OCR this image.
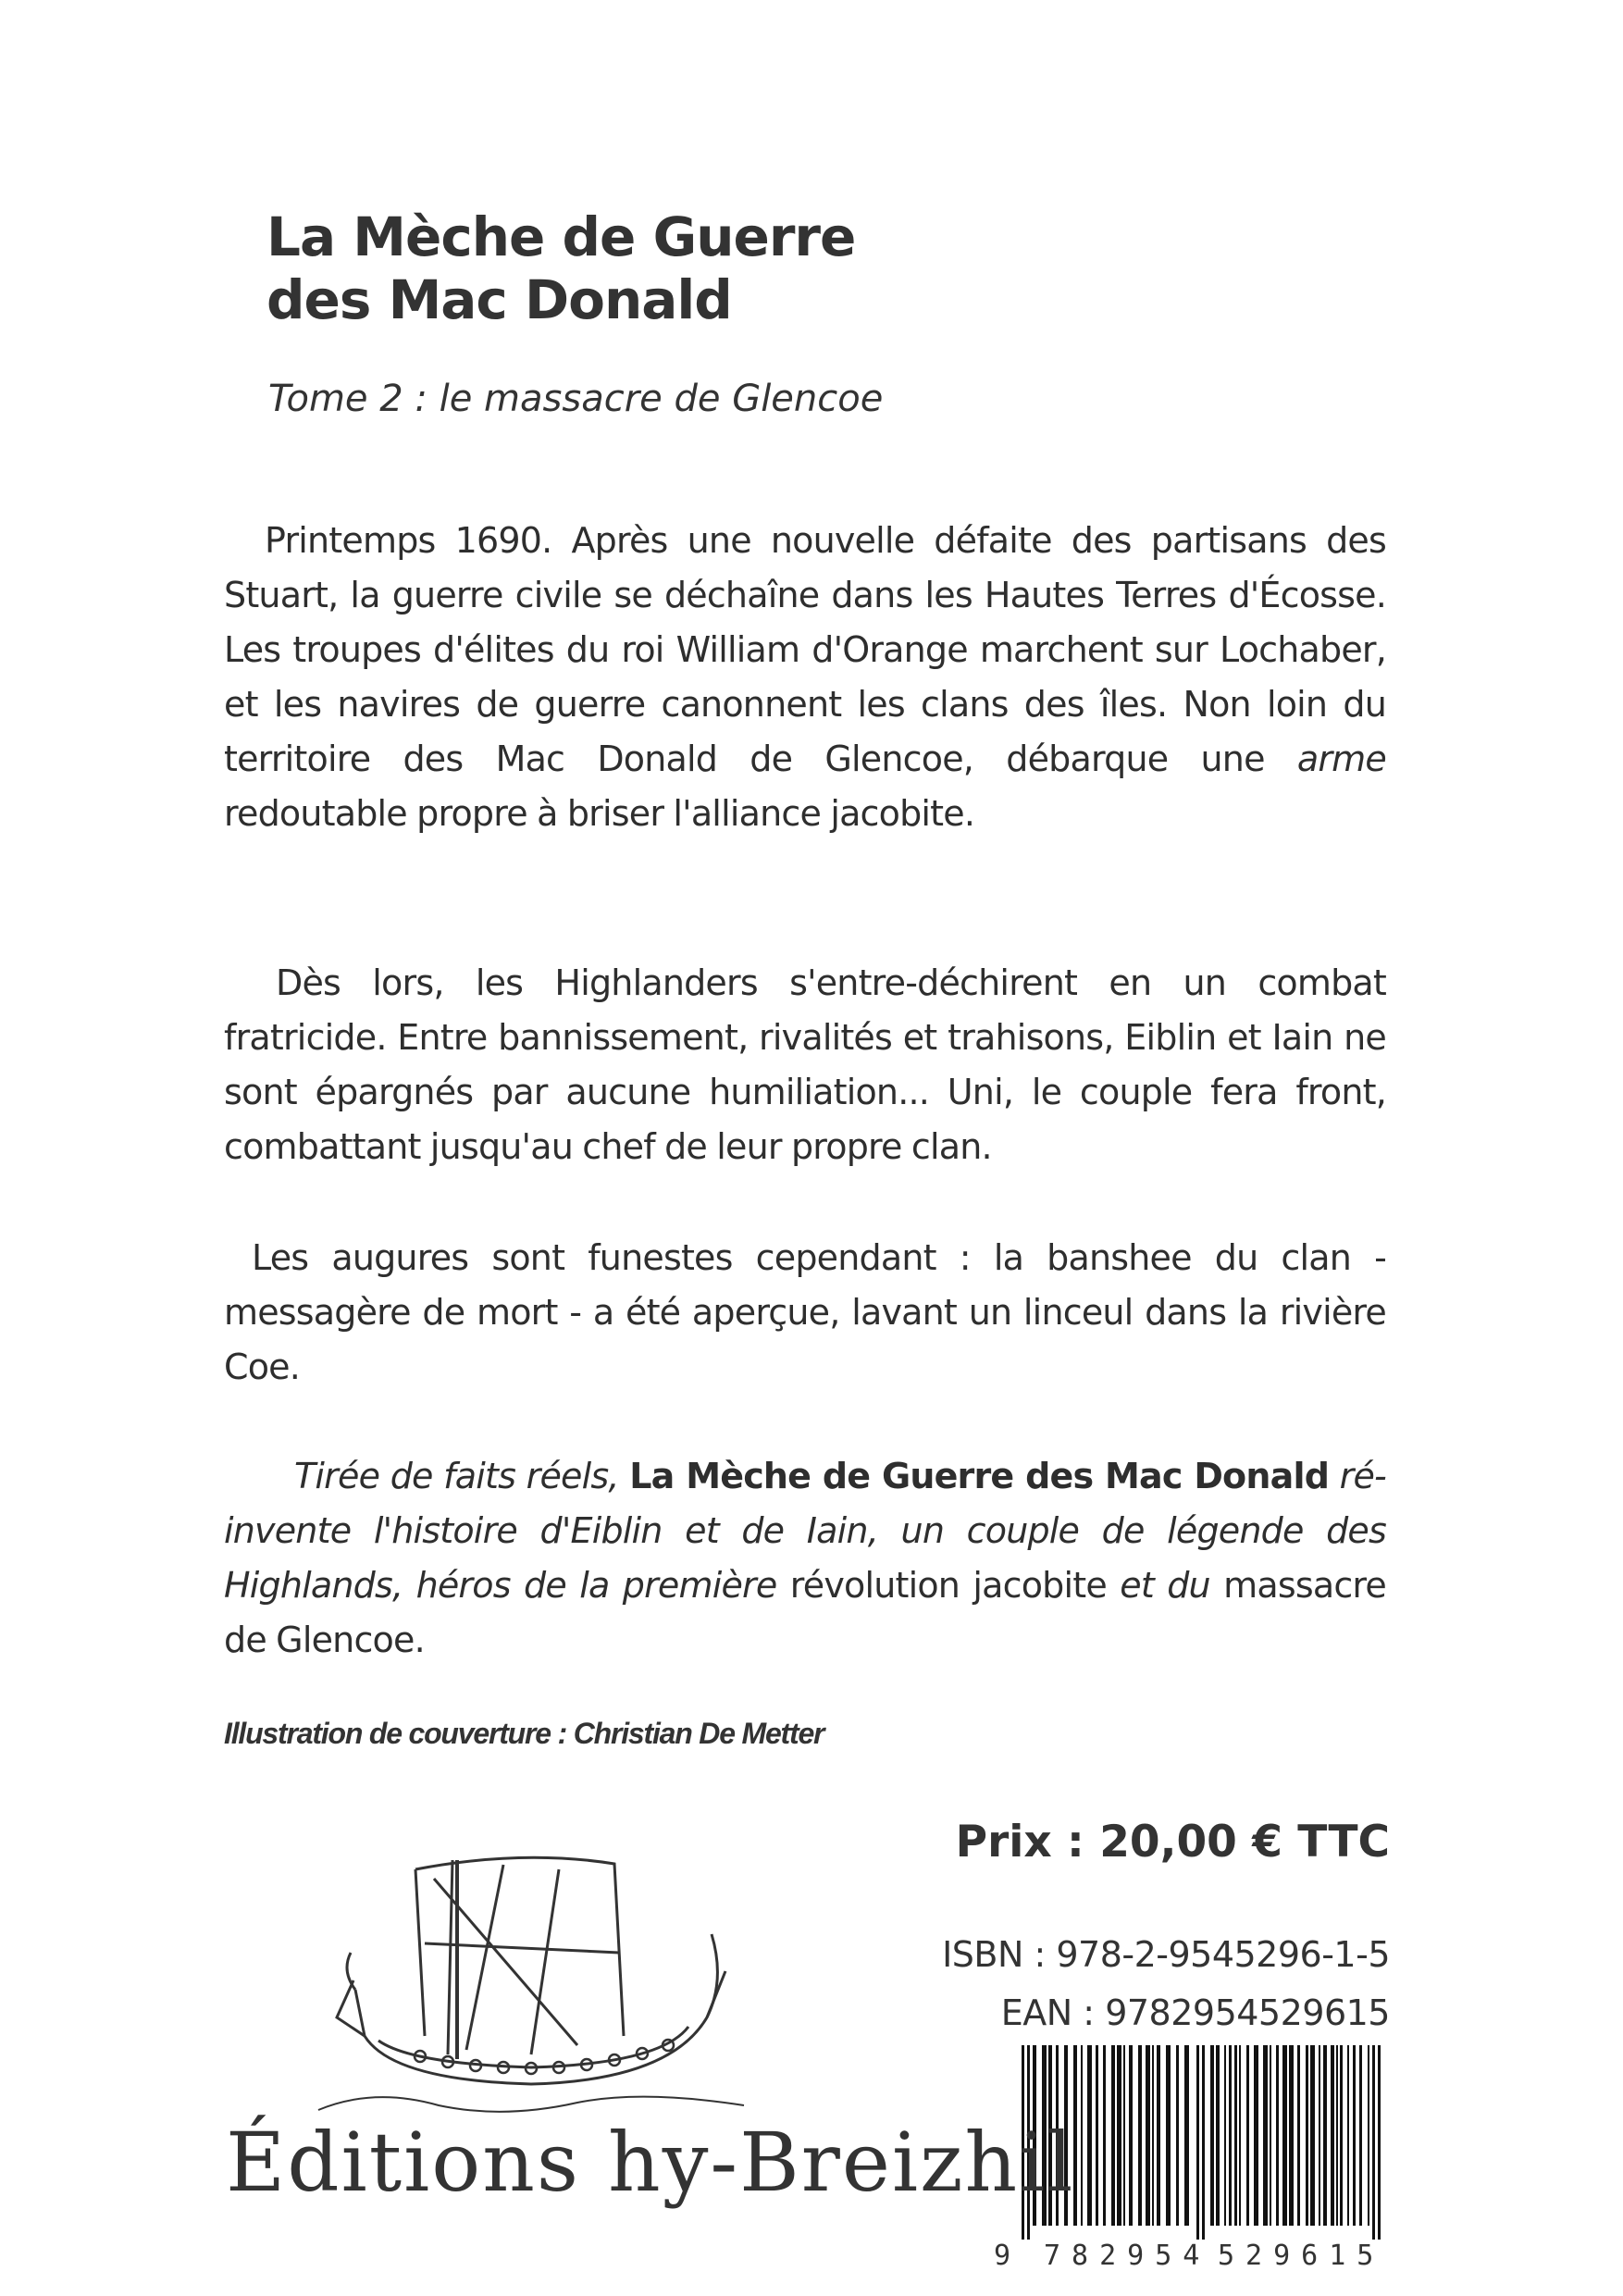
La Mèche de Guerre
des Mac Donald

Tome 2 : le massacre de Glencoe

Printemps 1690. Après une nouvelle défaite des partisans des Stuart, la guerre civile se déchaîne dans les Hautes Terres d'Écosse. Les troupes d'élites du roi William d'Orange marchent sur Lochaber, et les navires de guerre canonnent les clans des îles. Non loin du territoire des Mac Donald de Glencoe, débarque une arme redoutable propre à briser l'alliance jacobite.

Dès lors, les Highlanders s'entre-déchirent en un combat fratricide. Entre bannissement, rivalités et trahisons, Eiblin et Iain ne sont épargnés par aucune humiliation... Uni, le couple fera front, combattant jusqu'au chef de leur propre clan.

Les augures sont funestes cependant : la banshee du clan - messagère de mort - a été aperçue, lavant un linceul dans la rivière Coe.

Tirée de faits réels, La Mèche de Guerre des Mac Donald ré-invente l'histoire d'Eiblin et de Iain, un couple de légende des Highlands, héros de la première révolution jacobite et du massacre de Glencoe.

Illustration de couverture : Christian De Metter

Prix : 20,00 € TTC

ISBN : 978-2-9545296-1-5

EAN : 9782954529615

9 782954 529615

Éditions hy-Breizhil
